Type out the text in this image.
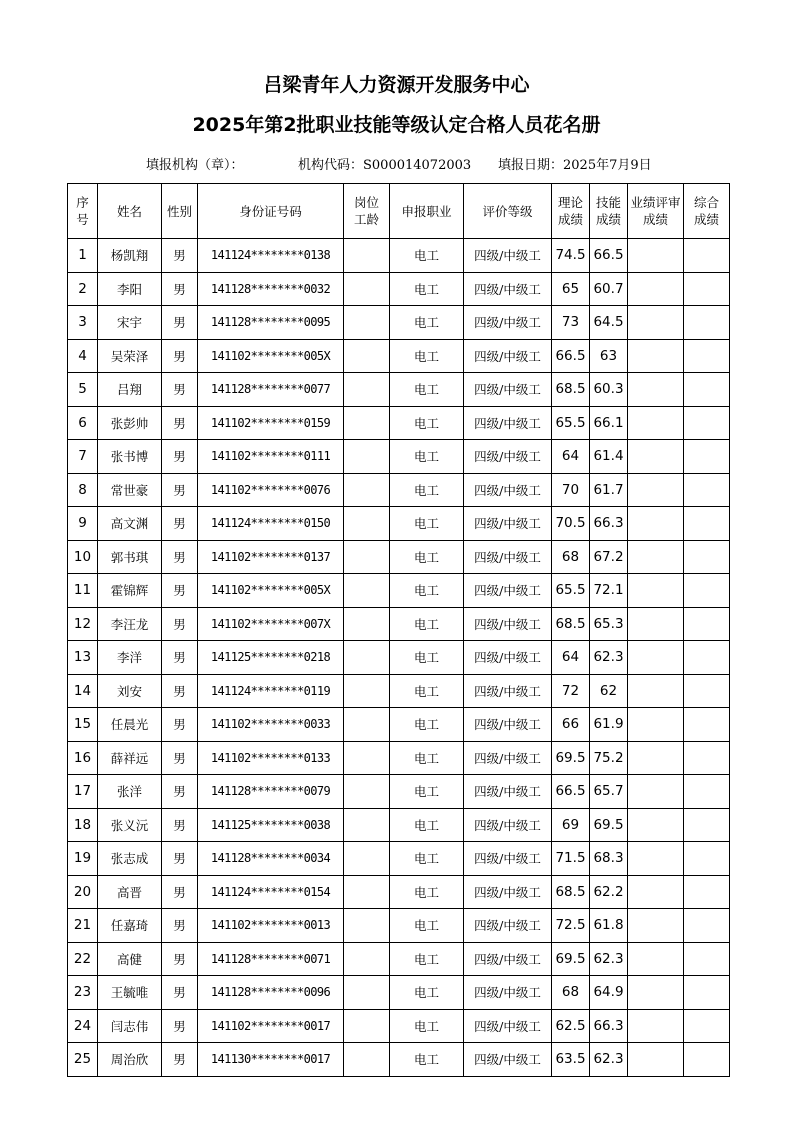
吕梁青年人力资源开发服务中心
2025年第2批职业技能等级认定合格人员花名册
填报机构（章）：	机构代码：S000014072003 填报日期：2025年7月9日
序号	姓名	性别	身份证号码	岗位工龄	申报职业	评价等级	理论成绩	技能成绩	业绩评审成绩	综合成绩
1	杨凯翔	男	141124********0138		电工	四级/中级工	74.5	66.5		
2	李阳	男	141128********0032		电工	四级/中级工	65	60.7		
3	宋宇	男	141128********0095		电工	四级/中级工	73	64.5		
4	吴荣泽	男	141102********005X		电工	四级/中级工	66.5	63		
5	吕翔	男	141128********0077		电工	四级/中级工	68.5	60.3		
6	张彭帅	男	141102********0159		电工	四级/中级工	65.5	66.1		
7	张书博	男	141102********0111		电工	四级/中级工	64	61.4		
8	常世豪	男	141102********0076		电工	四级/中级工	70	61.7		
9	高文渊	男	141124********0150		电工	四级/中级工	70.5	66.3		
10	郭书琪	男	141102********0137		电工	四级/中级工	68	67.2		
11	霍锦辉	男	141102********005X		电工	四级/中级工	65.5	72.1		
12	李汪龙	男	141102********007X		电工	四级/中级工	68.5	65.3		
13	李洋	男	141125********0218		电工	四级/中级工	64	62.3		
14	刘安	男	141124********0119		电工	四级/中级工	72	62		
15	任晨光	男	141102********0033		电工	四级/中级工	66	61.9		
16	薛祥远	男	141102********0133		电工	四级/中级工	69.5	75.2		
17	张洋	男	141128********0079		电工	四级/中级工	66.5	65.7		
18	张义沅	男	141125********0038		电工	四级/中级工	69	69.5		
19	张志成	男	141128********0034		电工	四级/中级工	71.5	68.3		
20	高晋	男	141124********0154		电工	四级/中级工	68.5	62.2		
21	任嘉琦	男	141102********0013		电工	四级/中级工	72.5	61.8		
22	高健	男	141128********0071		电工	四级/中级工	69.5	62.3		
23	王毓唯	男	141128********0096		电工	四级/中级工	68	64.9		
24	闫志伟	男	141102********0017		电工	四级/中级工	62.5	66.3		
25	周治欣	男	141130********0017		电工	四级/中级工	63.5	62.3		
